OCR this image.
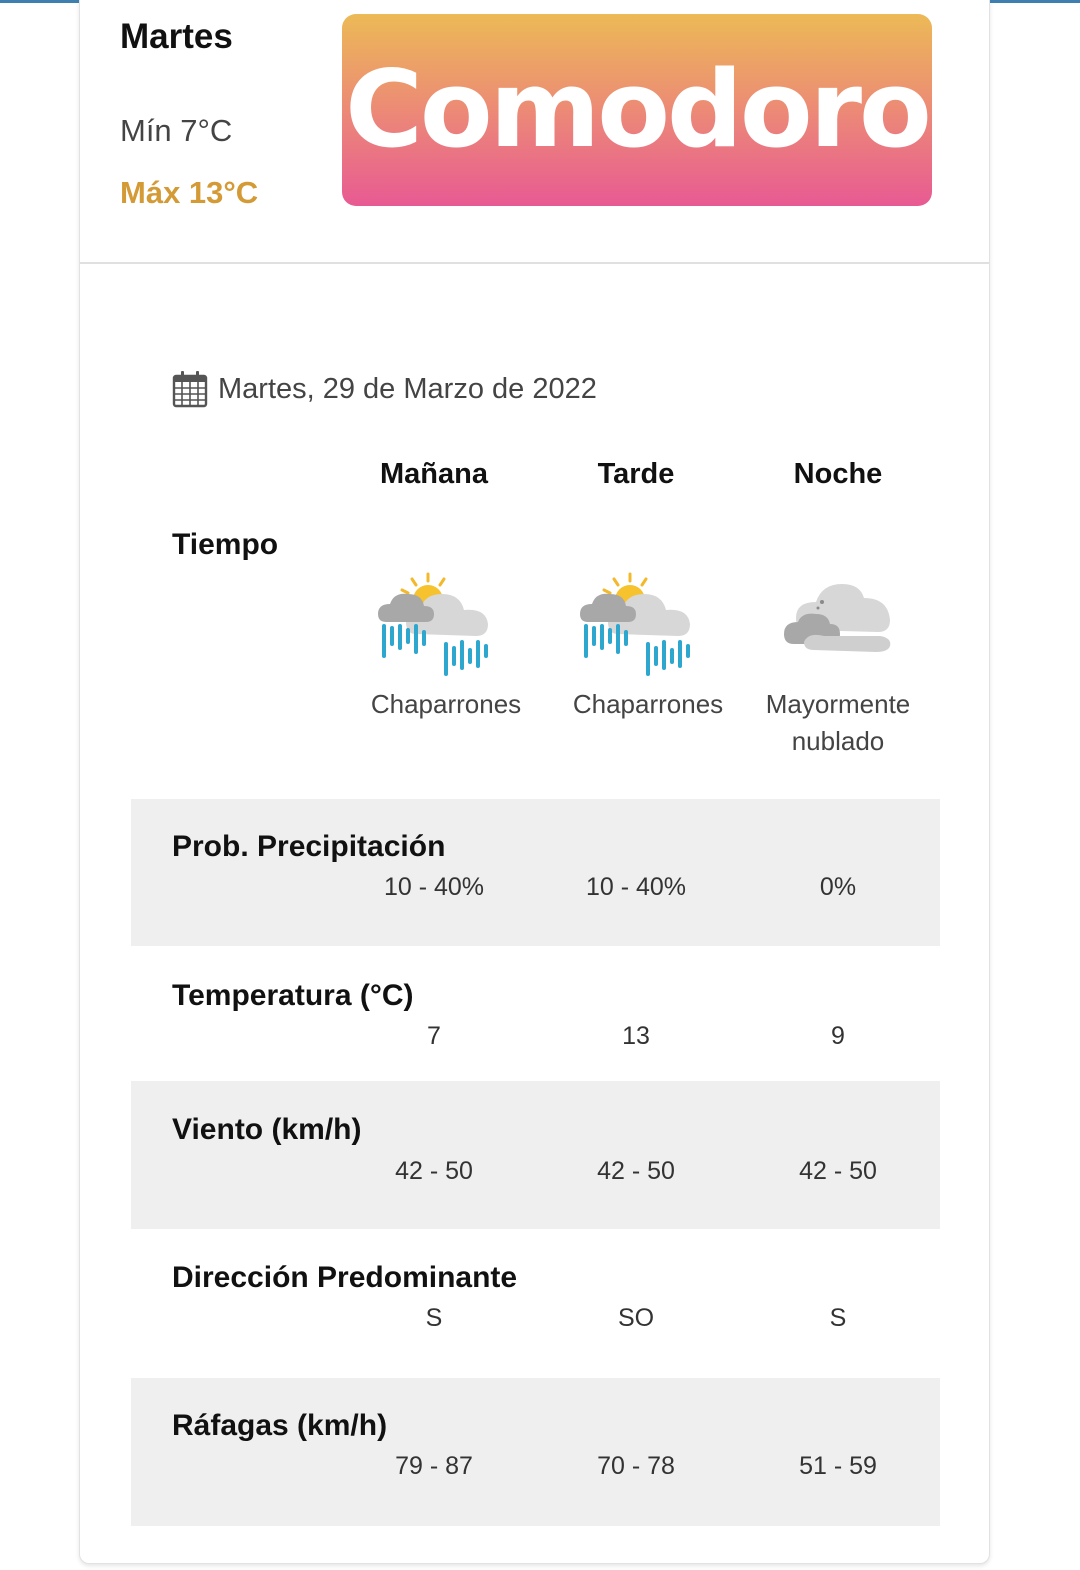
Martes
Mín 7°C
Máx 13°C
Comodoro
Martes, 29 de Marzo de 2022
Mañana	Tarde	Noche
Tiempo
Chaparrones	Chaparrones	Mayormente
nublado
Prob. Precipitación
10 - 40%	10 - 40%	0%
Temperatura (°C)
7	13	9
Viento (km/h)
42 - 50	42 - 50	42 - 50
Dirección Predominante
S	SO	S
Ráfagas (km/h)
79 - 87	70 - 78	51 - 59
